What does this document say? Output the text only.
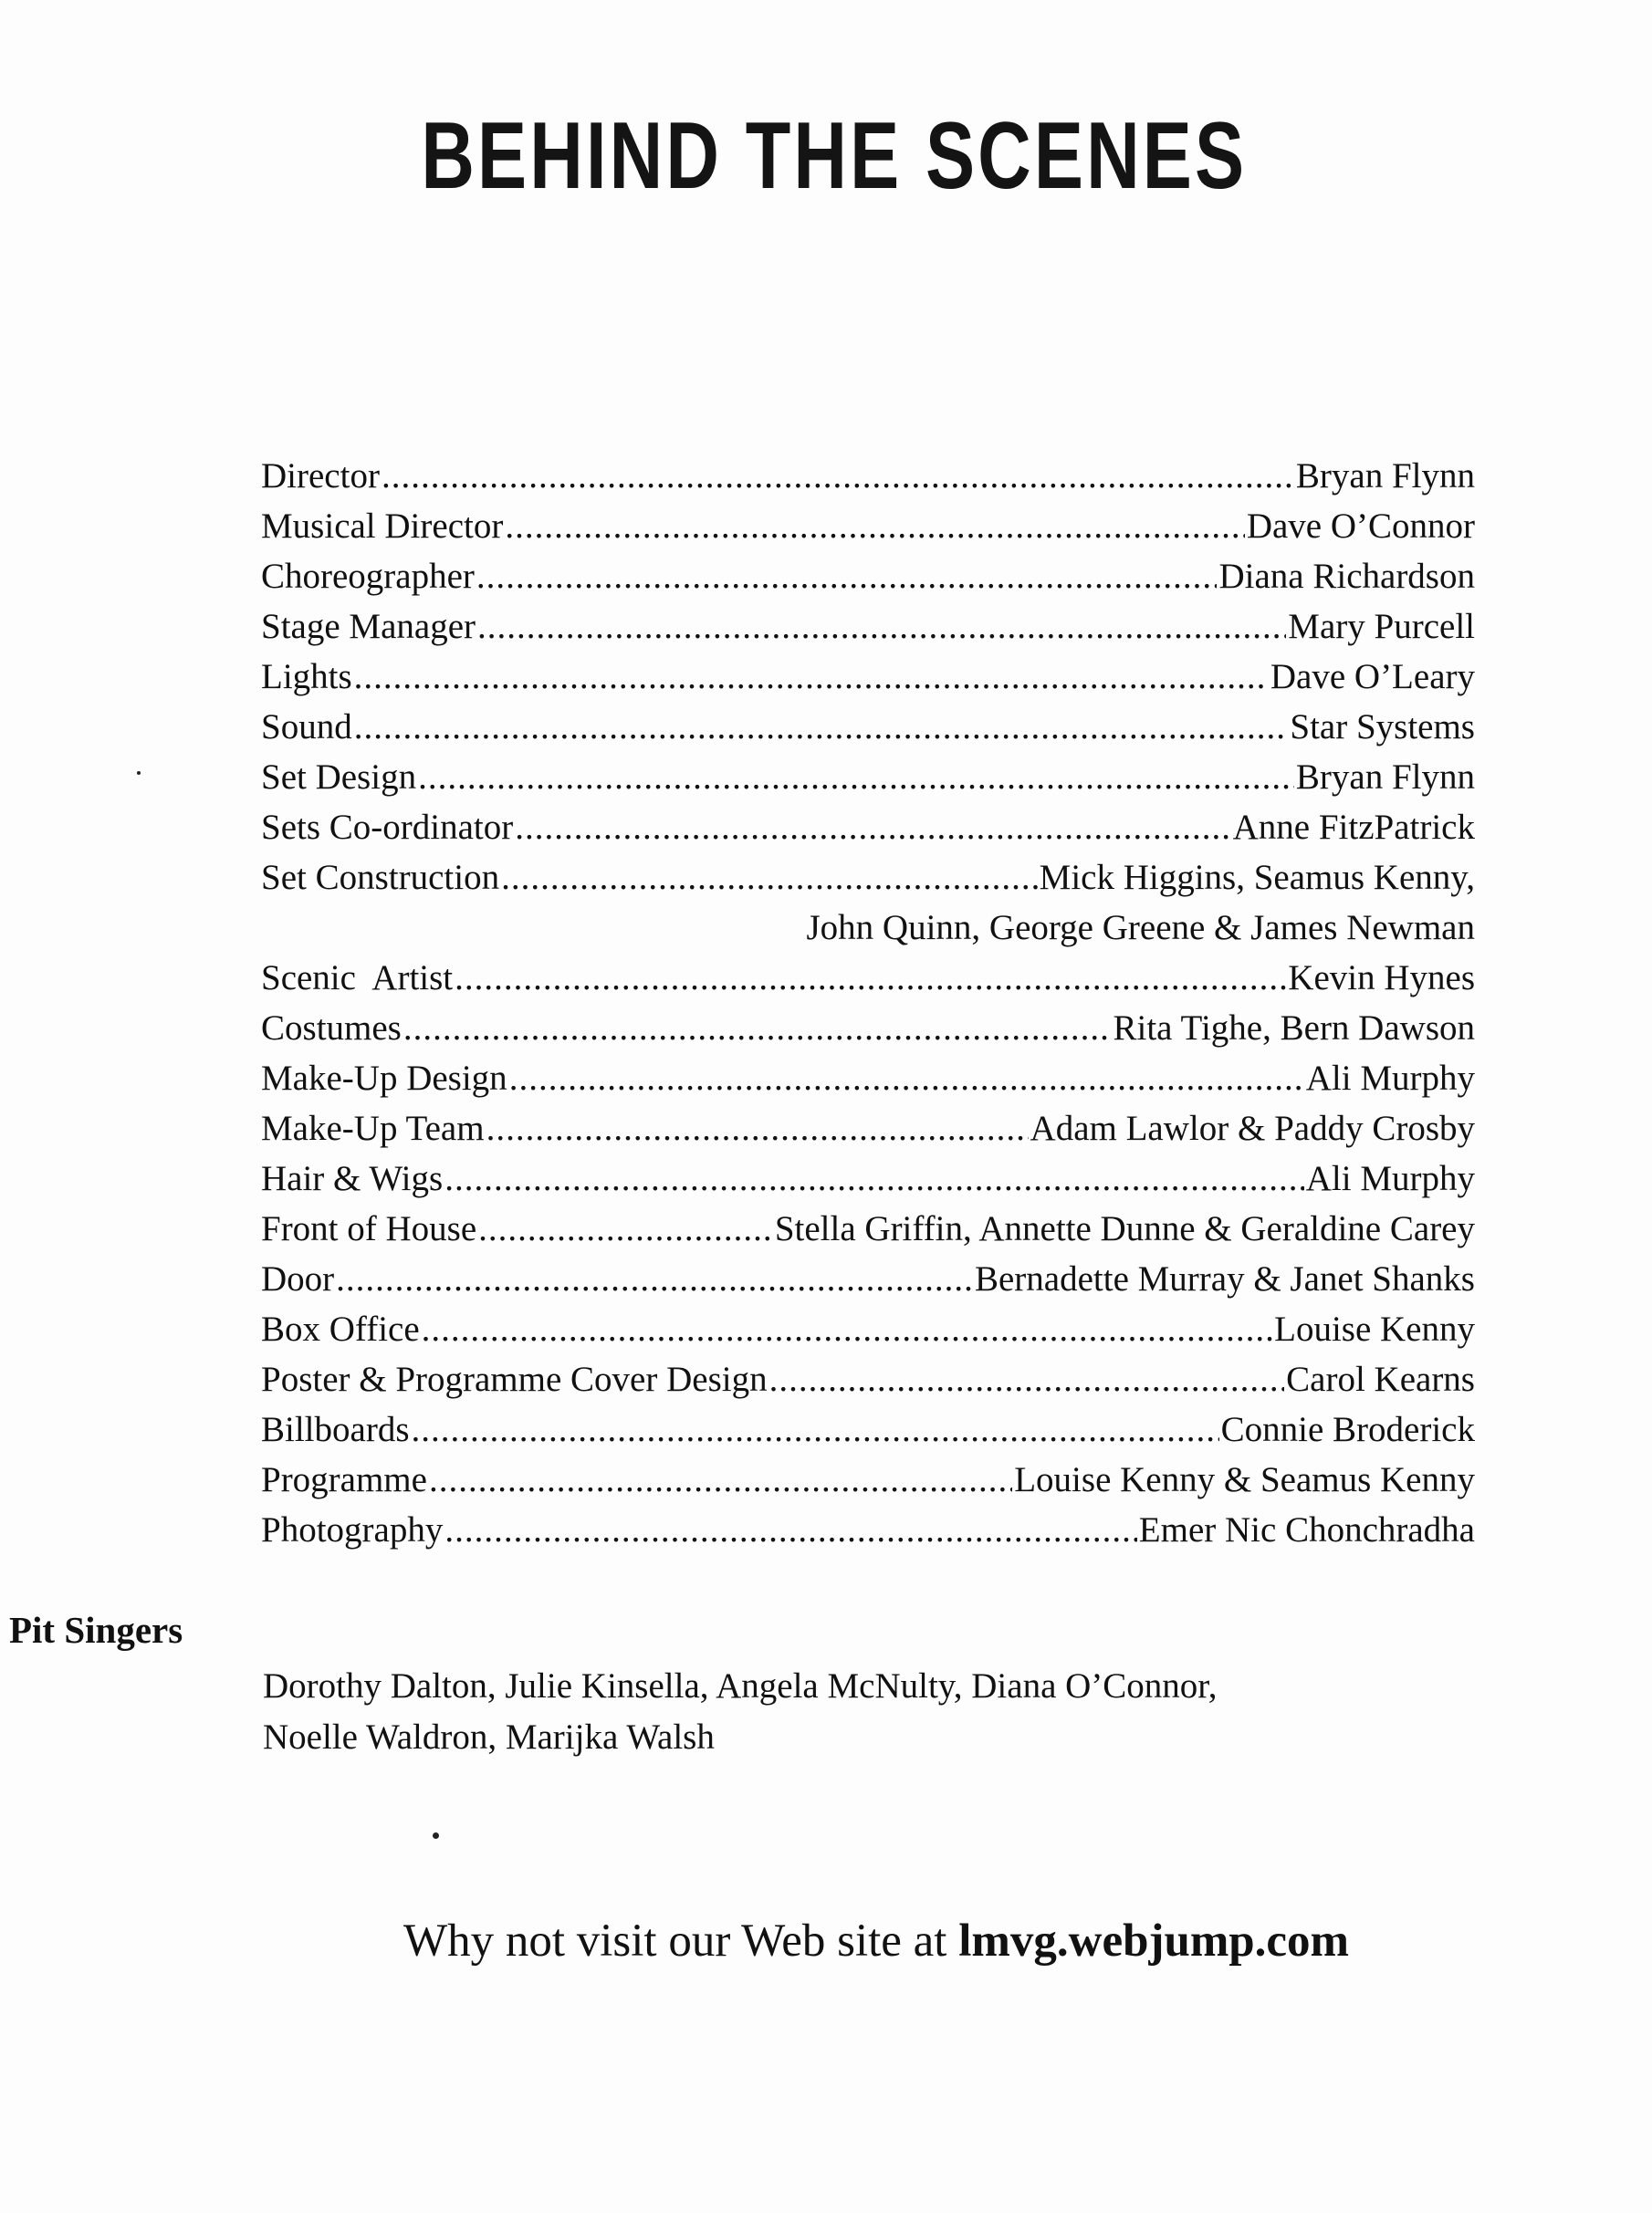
BEHIND THE SCENES
Director .....	Bryan Flynn
Musical Director .....	Dave O’Connor
Choreographer .....	Diana Richardson
Stage Manager .....	Mary Purcell
Lights .....	Dave O’Leary
Sound .....	Star Systems
Set Design .....	Bryan Flynn
Sets Co-ordinator .....	Anne FitzPatrick
Set Construction .....	Mick Higgins, Seamus Kenny,
John Quinn, George Greene & James Newman
Scenic  Artist .....	Kevin Hynes
Costumes .....	Rita Tighe, Bern Dawson
Make-Up Design .....	Ali Murphy
Make-Up Team .....	Adam Lawlor & Paddy Crosby
Hair & Wigs .....	Ali Murphy
Front of House .....	Stella Griffin, Annette Dunne & Geraldine Carey
Door .....	Bernadette Murray & Janet Shanks
Box Office .....	Louise Kenny
Poster & Programme Cover Design .....	Carol Kearns
Billboards .....	Connie Broderick
Programme .....	Louise Kenny & Seamus Kenny
Photography .....	Emer Nic Chonchradha
Pit Singers
Dorothy Dalton, Julie Kinsella, Angela McNulty, Diana O’Connor,
Noelle Waldron, Marijka Walsh
Why not visit our Web site at lmvg.webjump.com
